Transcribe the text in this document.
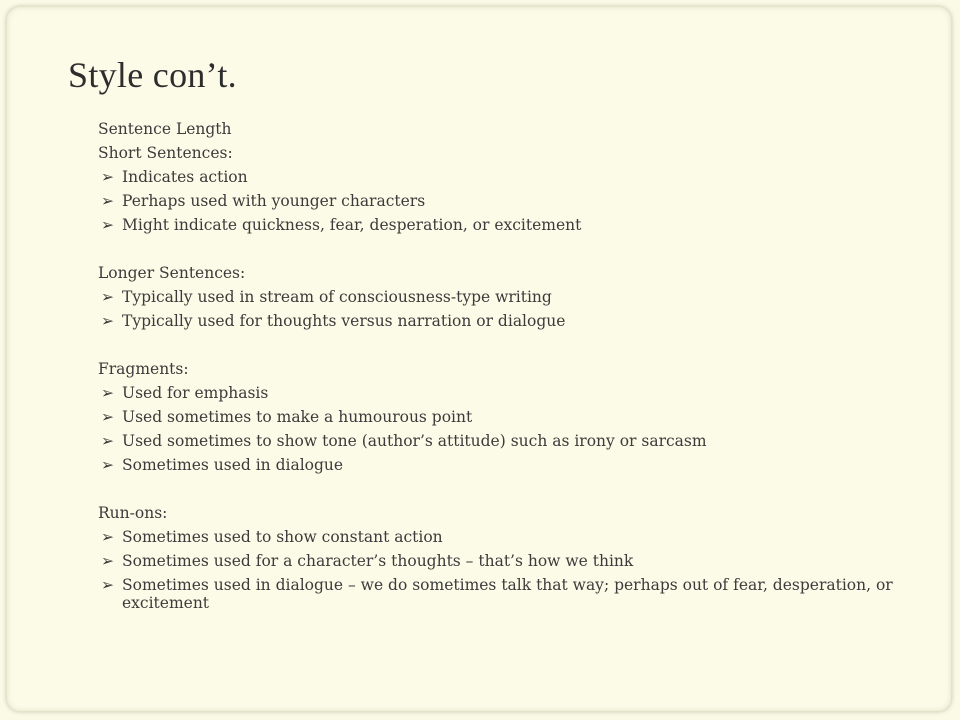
Style con’t.
Sentence Length
Short Sentences:
➢ Indicates action
➢ Perhaps used with younger characters
➢ Might indicate quickness, fear, desperation, or excitement
Longer Sentences:
➢ Typically used in stream of consciousness-type writing
➢ Typically used for thoughts versus narration or dialogue
Fragments:
➢ Used for emphasis
➢ Used sometimes to make a humourous point
➢ Used sometimes to show tone (author’s attitude) such as irony or sarcasm
➢ Sometimes used in dialogue
Run-ons:
➢ Sometimes used to show constant action
➢ Sometimes used for a character’s thoughts – that’s how we think
➢ Sometimes used in dialogue – we do sometimes talk that way; perhaps out of fear, desperation, or excitement
